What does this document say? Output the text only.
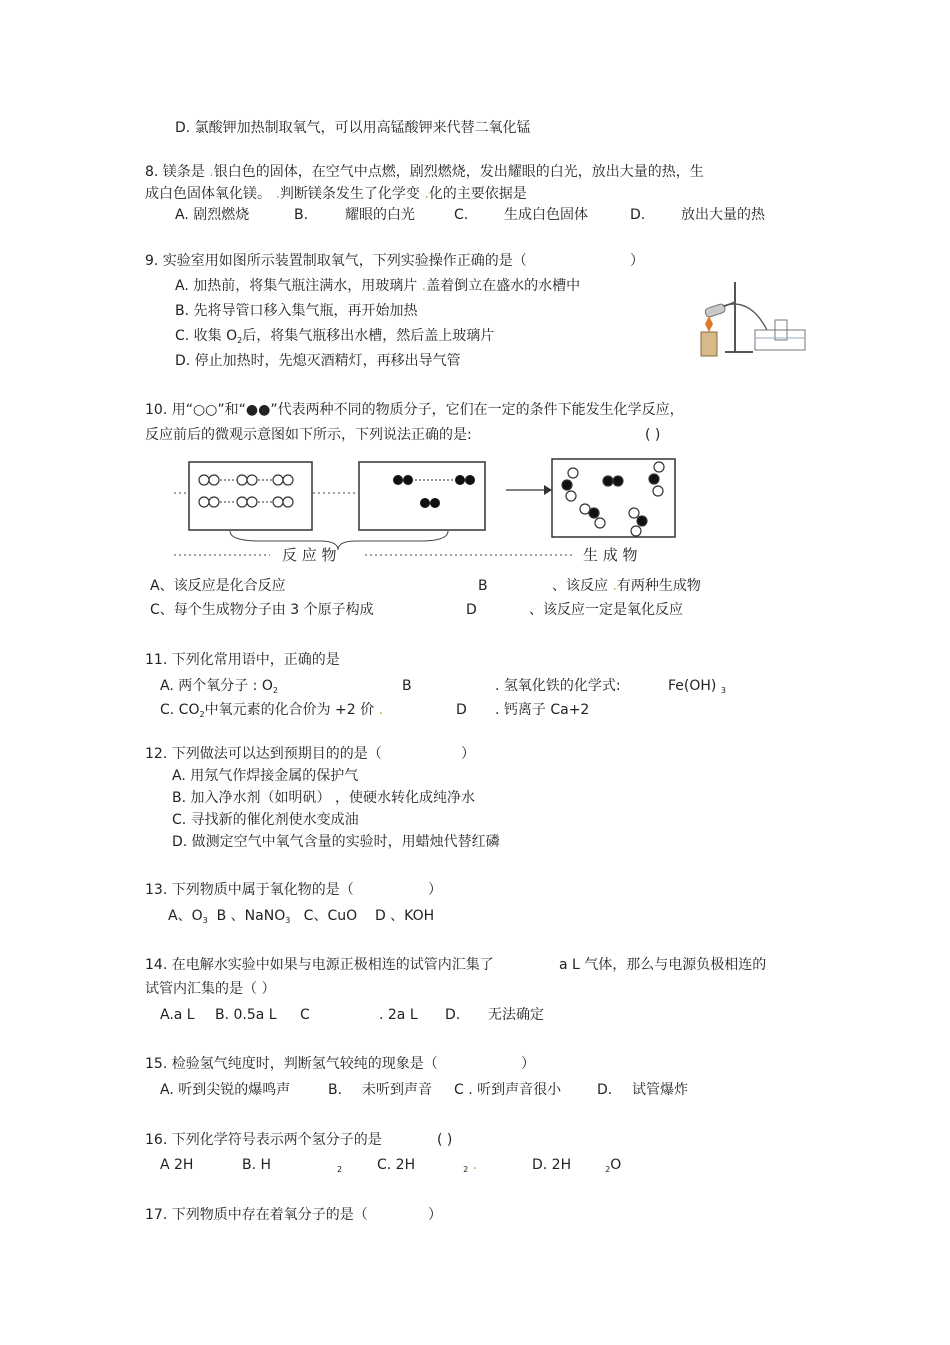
D. 氯酸钾加热制取氧气，可以用高锰酸钾来代替二氧化锰
8. 镁条是 .银白色的固体，在空气中点燃，剧烈燃烧，发出耀眼的白光，放出大量的热，生
成白色固体氧化镁。 .判断镁条发生了化学变 .化的主要依据是
A. 剧烈燃烧	B.	耀眼的白光	C.	生成白色固体	D.	放出大量的热
9. 实验室用如图所示装置制取氧气，下列实验操作正确的是（	）
A. 加热前，将集气瓶注满水，用玻璃片 .盖着倒立在盛水的水槽中
B. 先将导管口移入集气瓶，再开始加热
C. 收集 $O_2$后，将集气瓶移出水槽，然后盖上玻璃片
D. 停止加热时，先熄灭酒精灯，再移出导气管
10. 用“○○”和“●●”代表两种不同的物质分子，它们在一定的条件下能发生化学反应，
反应前后的微观示意图如下所示，下列说法正确的是:	( )
反 应 物	生 成 物
A、该反应是化合反应	B	、该反应 .有两种生成物
C、每个生成物分子由 3 个原子构成	D	、该反应一定是氧化反应
11. 下列化常用语中，正确的是
A. 两个氧分子 : $O_2$	B	. 氢氧化铁的化学式:	Fe(OH) $_3$
C. $CO_2$中氧元素的化合价为 +2 价 .	D . 钙离子 Ca+2
12. 下列做法可以达到预期目的的是（	）
A. 用氖气作焊接金属的保护气
B. 加入净水剂（如明矾） ，使硬水转化成纯净水
C. 寻找新的催化剂使水变成油
D. 做测定空气中氧气含量的实验时，用蜡烛代替红磷
13. 下列物质中属于氧化物的是（	）
A、$O_3$ B 、NaNO$_3$ C、CuO D 、KOH
14. 在电解水实验中如果与电源正极相连的试管内汇集了	a L 气体，那么与电源负极相连的
试管内汇集的是（ ）
A.a L B. 0.5a L C	. 2a L D. 无法确定
15. 检验氢气纯度时，判断氢气较纯的现象是（	）
A. 听到尖锐的爆鸣声	B. 未听到声音 C . 听到声音很小	D. 试管爆炸
16. 下列化学符号表示两个氢分子的是	( )
A 2H	B. H	$_2$ C. 2H	$_2$ .	D. 2H	$_2$O
17. 下列物质中存在着氧分子的是（	）
